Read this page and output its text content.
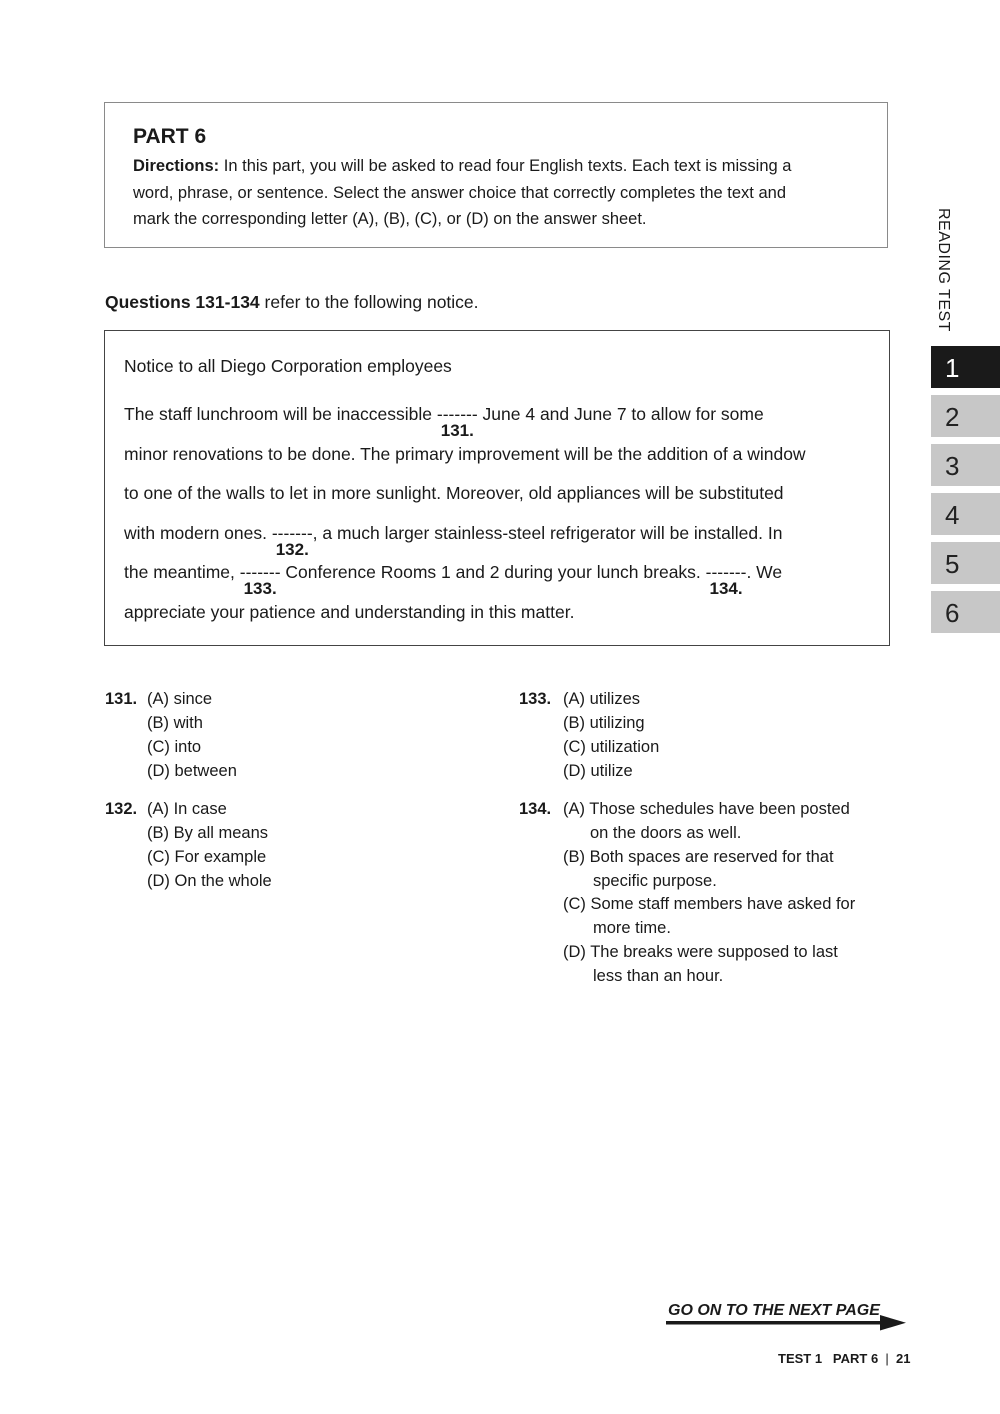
PART 6

Directions: In this part, you will be asked to read four English texts. Each text is missing a
word, phrase, or sentence. Select the answer choice that correctly completes the text and
mark the corresponding letter (A), (B), (C), or (D) on the answer sheet.

Questions 131-134 refer to the following notice.

Notice to all Diego Corporation employees

The staff lunchroom will be inaccessible -------
131.
June 4 and June 7 to allow for some

minor renovations to be done. The primary improvement will be the addition of a window

to one of the walls to let in more sunlight. Moreover, old appliances will be substituted

with modern ones. -------
132.
, a much larger stainless-steel refrigerator will be installed. In

the meantime, -------
133.
Conference Rooms 1 and 2 during your lunch breaks. -------
134.
. We

appreciate your patience and understanding in this matter.

131. (A) since

(B) with

(C) into

(D) between

132. (A) In case

(B) By all means

(C) For example

(D) On the whole

133. (A) utilizes

(B) utilizing

(C) utilization

(D) utilize

134. (A) Those schedules have been posted

on the doors as well.

(B) Both spaces are reserved for that

specific purpose.

(C) Some staff members have asked for

more time.

(D) The breaks were supposed to last

less than an hour.

READING TEST
1
2
3
4
5
6

GO ON TO THE NEXT PAGE

TEST 1 PART 6 | 21
